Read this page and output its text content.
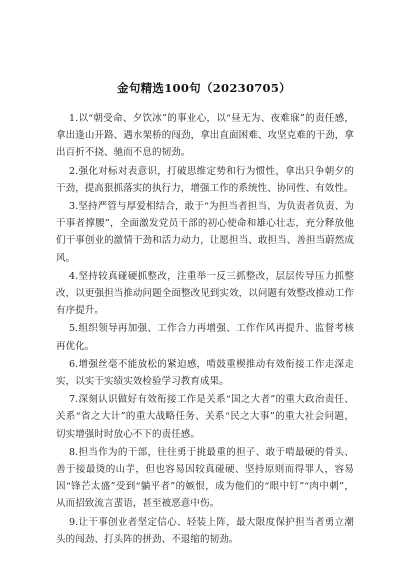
金句精选100句（20230705）

1.以“朝受命、夕饮冰”的事业心，以“昼无为、夜难寐”的责任感，拿出逢山开路、遇水架桥的闯劲，拿出直面困难、攻坚克难的干劲，拿出百折不挠、驰而不息的韧劲。

2.强化对标对表意识，打破思维定势和行为惯性，拿出只争朝夕的干劲，提高狠抓落实的执行力，增强工作的系统性、协同性、有效性。

3.坚持严管与厚爱相结合，敢于“为担当者担当、为负责者负责、为干事者撑腰”，全面激发党员干部的初心使命和雄心壮志，充分释放他们干事创业的激情干劲和活力动力，让愿担当、敢担当、善担当蔚然成风。

4.坚持较真碰硬抓整改，注重举一反三抓整改，层层传导压力抓整改，以更强担当推动问题全面整改见到实效，以问题有效整改推动工作有序提升。

5.组织领导再加强、工作合力再增强、工作作风再提升、监督考核再优化。

6.增强丝毫不能放松的紧迫感，啃鼓重楔推动有效衔接工作走深走实，以实干实绩实效检验学习教育成果。

7.深刻认识做好有效衔接工作是关系“国之大者”的重大政治责任、关系“省之大计”的重大战略任务、关系“民之大事”的重大社会问题，切实增强时时放心不下的责任感。

8.担当作为的干部，往往勇于挑最重的担子、敢于啃最硬的骨头、善于接最烫的山芋，但也容易因较真碰硬、坚持原则而得罪人，容易因“锋芒太盛”受到“躺平者”的嫉恨，成为他们的“眼中钉”“肉中刺”，从而招致流言蜚语，甚至被恶意中伤。

9.让干事创业者坚定信心、轻装上阵，最大限度保护担当者勇立潮头的闯劲、打头阵的拼劲、不退缩的韧劲。
